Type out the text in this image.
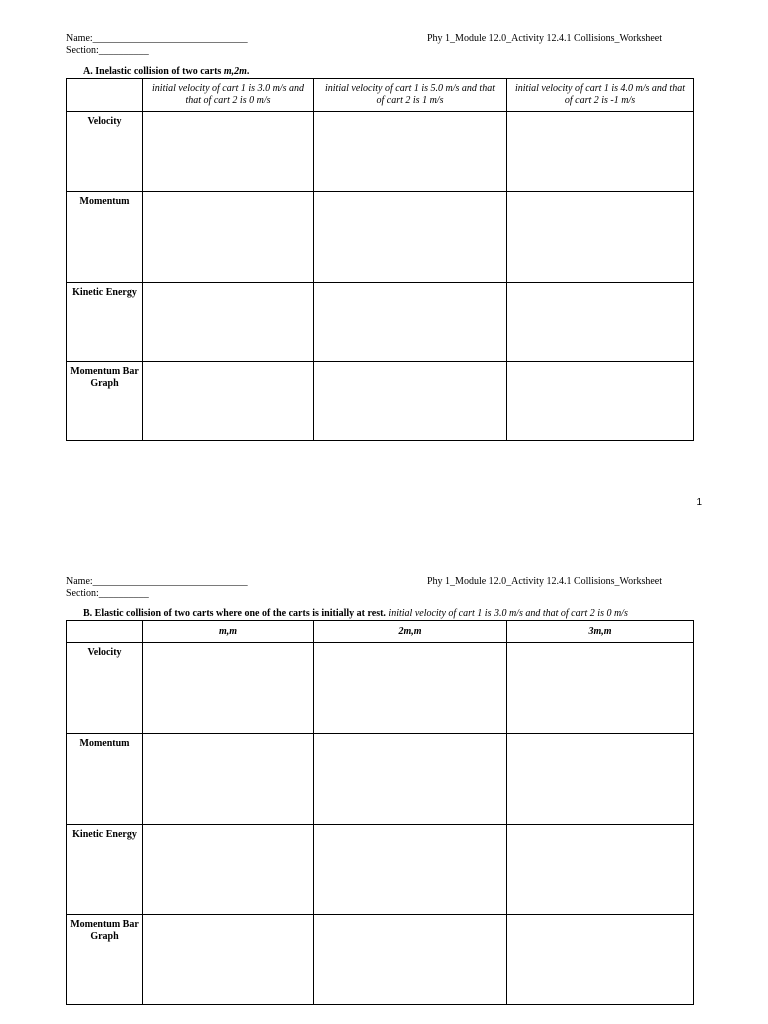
Name:_______________________________
Section:__________
Phy 1_Module 12.0_Activity 12.4.1 Collisions_Worksheet
A. Inelastic collision of two carts m,2m.
	initial velocity of cart 1 is 3.0 m/s and that of cart 2 is 0 m/s	initial velocity of cart 1 is 5.0 m/s and that of cart 2 is 1 m/s	initial velocity of cart 1 is 4.0 m/s and that of cart 2 is -1 m/s
Velocity			
Momentum			
Kinetic Energy			
Momentum Bar Graph			
1
Name:_______________________________
Section:__________
Phy 1_Module 12.0_Activity 12.4.1 Collisions_Worksheet
B. Elastic collision of two carts where one of the carts is initially at rest. initial velocity of cart 1 is 3.0 m/s and that of cart 2 is 0 m/s
	m,m	2m,m	3m,m
Velocity			
Momentum			
Kinetic Energy			
Momentum Bar Graph			
